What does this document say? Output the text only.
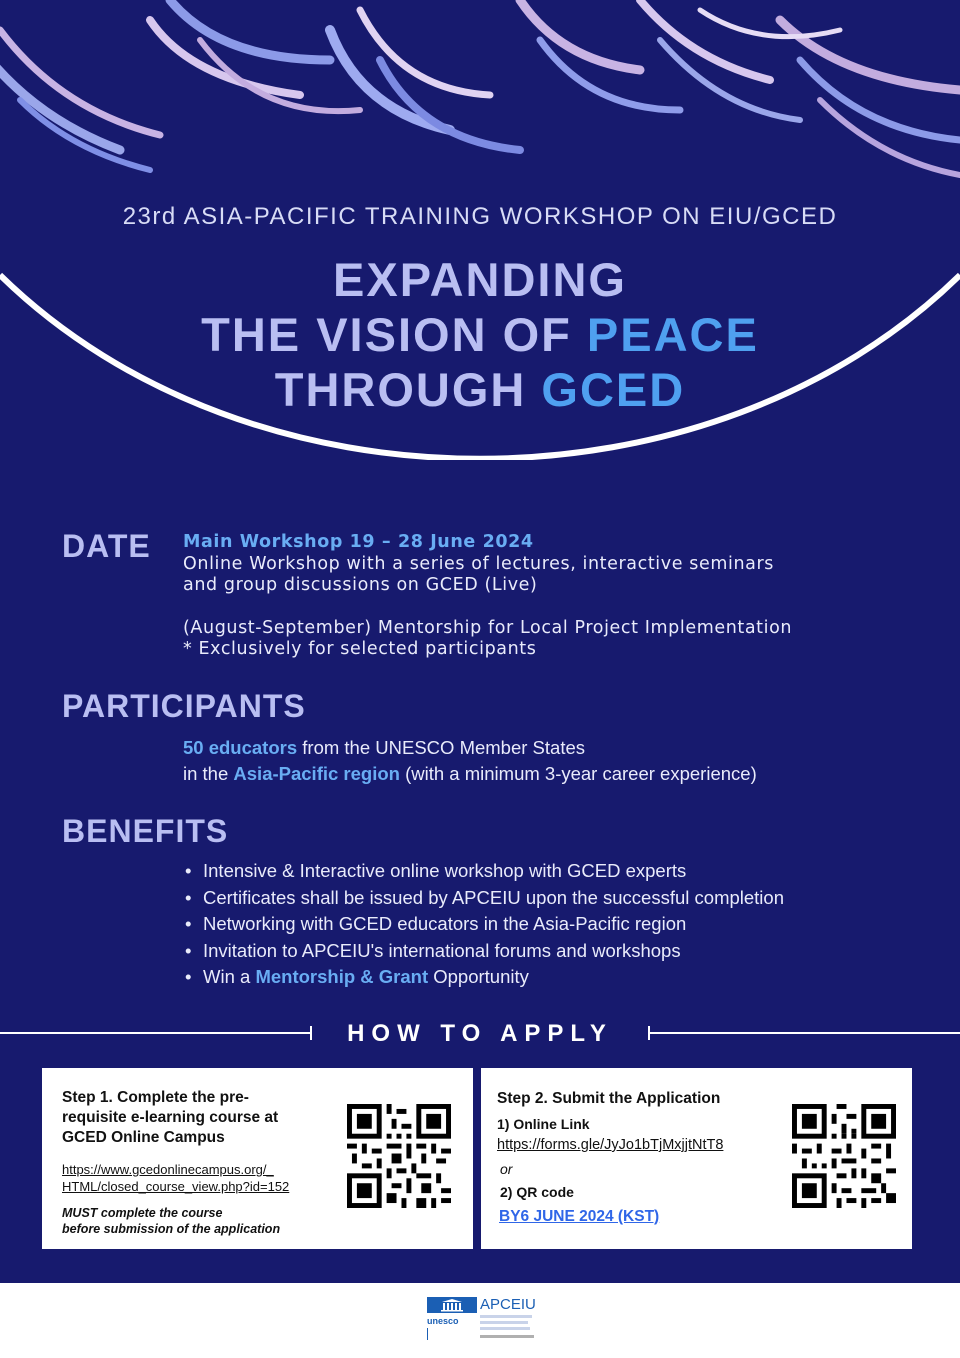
23rd ASIA-PACIFIC TRAINING WORKSHOP ON EIU/GCED
EXPANDING
THE VISION OF PEACE
THROUGH GCED
DATE Main Workshop 19 – 28 June 2024
Online Workshop with a series of lectures, interactive seminars
and group discussions on GCED (Live)
(August-September) Mentorship for Local Project Implementation
* Exclusively for selected participants
PARTICIPANTS
50 educators from the UNESCO Member States
in the Asia-Pacific region (with a minimum 3-year career experience)
BENEFITS
• Intensive & Interactive online workshop with GCED experts
• Certificates shall be issued by APCEIU upon the successful completion
• Networking with GCED educators in the Asia-Pacific region
• Invitation to APCEIU's international forums and workshops
• Win a Mentorship & Grant Opportunity
HOW TO APPLY
Step 1. Complete the pre-
requisite e-learning course at
GCED Online Campus
https://www.gcedonlinecampus.org/_
HTML/closed_course_view.php?id=152
MUST complete the course
before submission of the application
Step 2. Submit the Application
1) Online Link
https://forms.gle/JyJo1bTjMxjjtNtT8
or
2) QR code
BY6 JUNE 2024 (KST)
unesco
APCEIU
